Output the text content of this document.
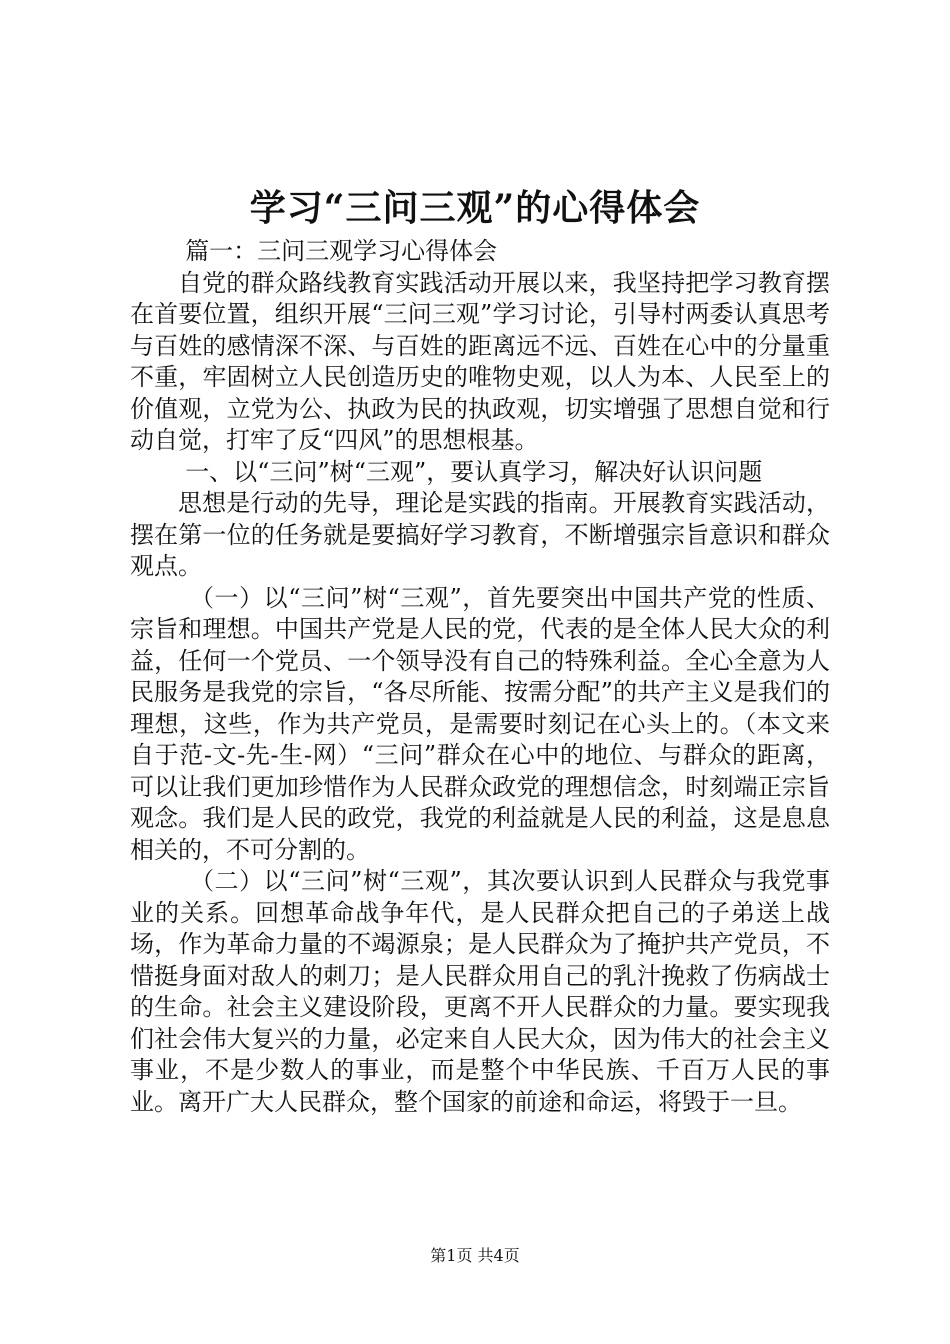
学习“三问三观”的心得体会

篇一：三问三观学习心得体会

自党的群众路线教育实践活动开展以来，我坚持把学习教育摆在首要位置，组织开展“三问三观”学习讨论，引导村两委认真思考与百姓的感情深不深、与百姓的距离远不远、百姓在心中的分量重不重，牢固树立人民创造历史的唯物史观，以人为本、人民至上的价值观，立党为公、执政为民的执政观，切实增强了思想自觉和行动自觉，打牢了反“四风”的思想根基。

一、以“三问”树“三观”，要认真学习，解决好认识问题

思想是行动的先导，理论是实践的指南。开展教育实践活动，摆在第一位的任务就是要搞好学习教育，不断增强宗旨意识和群众观点。

（一）以“三问”树“三观”，首先要突出中国共产党的性质、宗旨和理想。中国共产党是人民的党，代表的是全体人民大众的利益，任何一个党员、一个领导没有自己的特殊利益。全心全意为人民服务是我党的宗旨，“各尽所能、按需分配”的共产主义是我们的理想，这些，作为共产党员，是需要时刻记在心头上的。（本文来自于范-文-先-生-网）“三问”群众在心中的地位、与群众的距离，可以让我们更加珍惜作为人民群众政党的理想信念，时刻端正宗旨观念。我们是人民的政党，我党的利益就是人民的利益，这是息息相关的，不可分割的。

（二）以“三问”树“三观”，其次要认识到人民群众与我党事业的关系。回想革命战争年代，是人民群众把自己的子弟送上战场，作为革命力量的不竭源泉；是人民群众为了掩护共产党员，不惜挺身面对敌人的刺刀；是人民群众用自己的乳汁挽救了伤病战士的生命。社会主义建设阶段，更离不开人民群众的力量。要实现我们社会伟大复兴的力量，必定来自人民大众，因为伟大的社会主义事业，不是少数人的事业，而是整个中华民族、千百万人民的事业。离开广大人民群众，整个国家的前途和命运，将毁于一旦。

第1页 共4页
